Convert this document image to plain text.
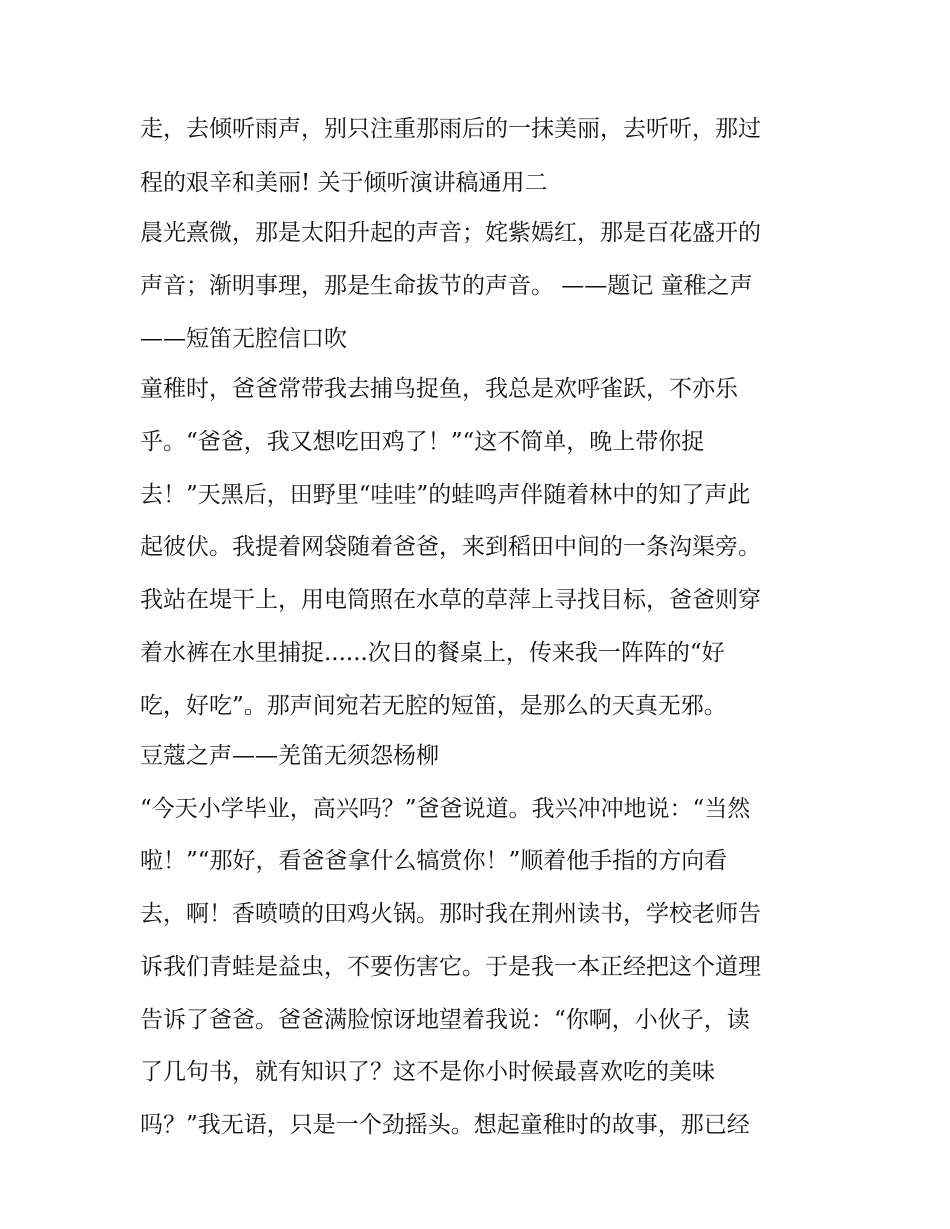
走，去倾听雨声，别只注重那雨后的一抹美丽，去听听，那过
程的艰辛和美丽! 关于倾听演讲稿通用二
晨光熹微，那是太阳升起的声音；姹紫嫣红，那是百花盛开的
声音；渐明事理，那是生命拔节的声音。 ——题记 童稚之声
——短笛无腔信口吹
童稚时，爸爸常带我去捕鸟捉鱼，我总是欢呼雀跃，不亦乐
乎。“爸爸，我又想吃田鸡了！”“这不简单，晚上带你捉
去！”天黑后，田野里“哇哇”的蛙鸣声伴随着林中的知了声此
起彼伏。我提着网袋随着爸爸，来到稻田中间的一条沟渠旁。
我站在堤干上，用电筒照在水草的草萍上寻找目标，爸爸则穿
着水裤在水里捕捉......次日的餐桌上，传来我一阵阵的“好
吃，好吃”。那声间宛若无腔的短笛，是那么的天真无邪。
豆蔻之声——羌笛无须怨杨柳
“今天小学毕业，高兴吗？”爸爸说道。我兴冲冲地说：“当然
啦！”“那好，看爸爸拿什么犒赏你！”顺着他手指的方向看
去，啊！香喷喷的田鸡火锅。那时我在荆州读书，学校老师告
诉我们青蛙是益虫，不要伤害它。于是我一本正经把这个道理
告诉了爸爸。爸爸满脸惊讶地望着我说：“你啊，小伙子，读
了几句书，就有知识了？这不是你小时候最喜欢吃的美味
吗？”我无语，只是一个劲摇头。想起童稚时的故事，那已经
